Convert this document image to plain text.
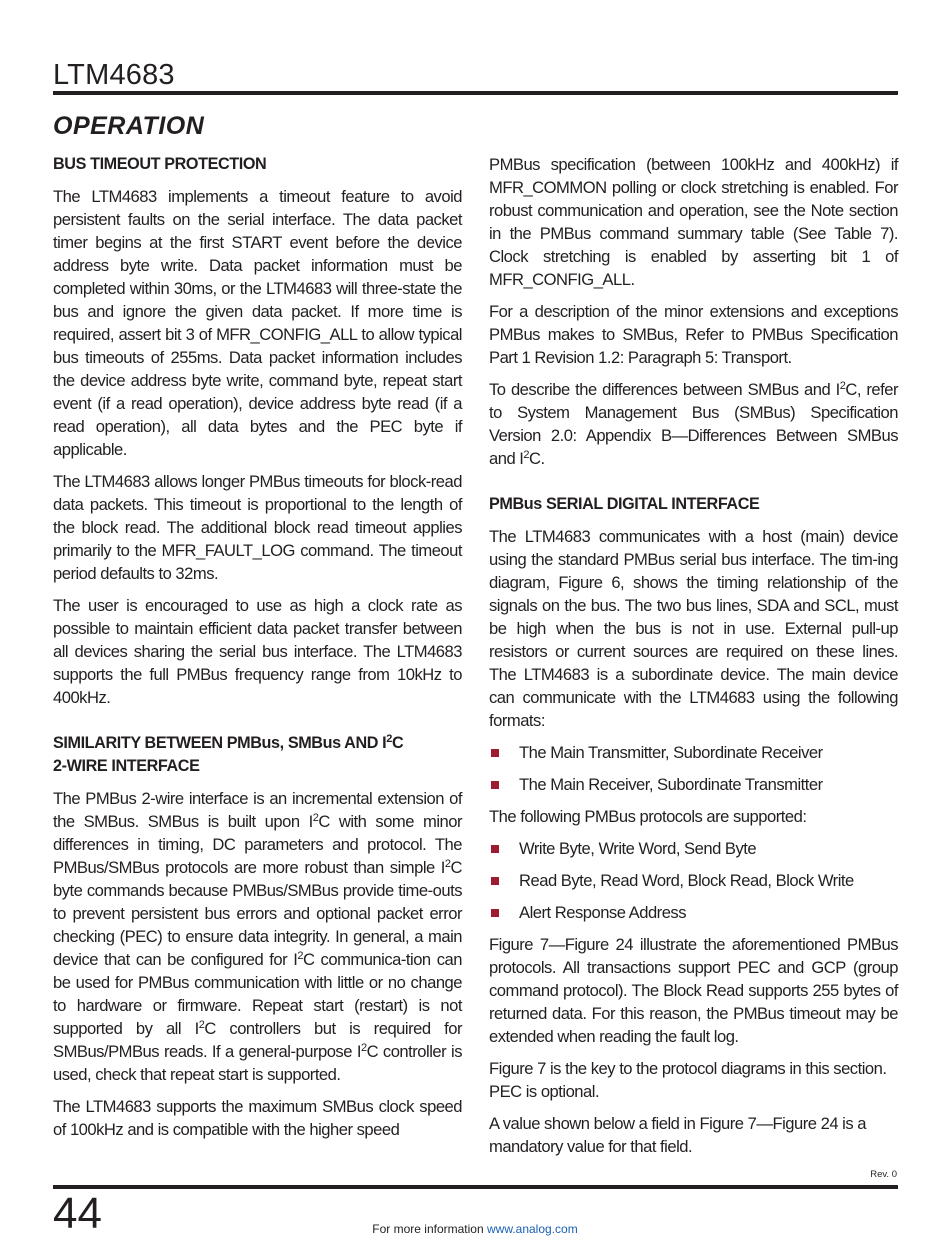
LTM4683
OPERATION
BUS TIMEOUT PROTECTION

The LTM4683 implements a timeout feature to avoid persistent faults on the serial interface. The data packet timer begins at the first START event before the device address byte write. Data packet information must be completed within 30ms, or the LTM4683 will three-state the bus and ignore the given data packet. If more time is required, assert bit 3 of MFR_CONFIG_ALL to allow typical bus timeouts of 255ms. Data packet information includes the device address byte write, command byte, repeat start event (if a read operation), device address byte read (if a read operation), all data bytes and the PEC byte if applicable.

The LTM4683 allows longer PMBus timeouts for block-read data packets. This timeout is proportional to the length of the block read. The additional block read timeout applies primarily to the MFR_FAULT_LOG command. The timeout period defaults to 32ms.

The user is encouraged to use as high a clock rate as possible to maintain efficient data packet transfer between all devices sharing the serial bus interface. The LTM4683 supports the full PMBus frequency range from 10kHz to 400kHz.

SIMILARITY BETWEEN PMBus, SMBus AND $I^2C$
2-WIRE INTERFACE

The PMBus 2-wire interface is an incremental extension of the SMBus. SMBus is built upon $I^2C$ with some minor differences in timing, DC parameters and protocol. The PMBus/SMBus protocols are more robust than simple $I^2C$ byte commands because PMBus/SMBus provide time-outs to prevent persistent bus errors and optional packet error checking (PEC) to ensure data integrity. In general, a main device that can be configured for $I^2C$ communica-tion can be used for PMBus communication with little or no change to hardware or firmware. Repeat start (restart) is not supported by all $I^2C$ controllers but is required for SMBus/PMBus reads. If a general-purpose $I^2C$ controller is used, check that repeat start is supported.

The LTM4683 supports the maximum SMBus clock speed of 100kHz and is compatible with the higher speed

PMBus specification (between 100kHz and 400kHz) if MFR_COMMON polling or clock stretching is enabled. For robust communication and operation, see the Note section in the PMBus command summary table (See Table 7). Clock stretching is enabled by asserting bit 1 of MFR_CONFIG_ALL.

For a description of the minor extensions and exceptions PMBus makes to SMBus, Refer to PMBus Specification Part 1 Revision 1.2: Paragraph 5: Transport.

To describe the differences between SMBus and $I^2C$, refer to System Management Bus (SMBus) Specification Version 2.0: Appendix B—Differences Between SMBus and $I^2C$.

PMBus SERIAL DIGITAL INTERFACE

The LTM4683 communicates with a host (main) device using the standard PMBus serial bus interface. The tim-ing diagram, Figure 6, shows the timing relationship of the signals on the bus. The two bus lines, SDA and SCL, must be high when the bus is not in use. External pull-up resistors or current sources are required on these lines. The LTM4683 is a subordinate device. The main device can communicate with the LTM4683 using the following formats:

The Main Transmitter, Subordinate Receiver
The Main Receiver, Subordinate Transmitter

The following PMBus protocols are supported:

Write Byte, Write Word, Send Byte
Read Byte, Read Word, Block Read, Block Write
Alert Response Address

Figure 7—Figure 24 illustrate the aforementioned PMBus protocols. All transactions support PEC and GCP (group command protocol). The Block Read supports 255 bytes of returned data. For this reason, the PMBus timeout may be extended when reading the fault log.

Figure 7 is the key to the protocol diagrams in this section. PEC is optional.

A value shown below a field in Figure 7—Figure 24 is a mandatory value for that field.

Rev. 0
44	For more information www.analog.com
